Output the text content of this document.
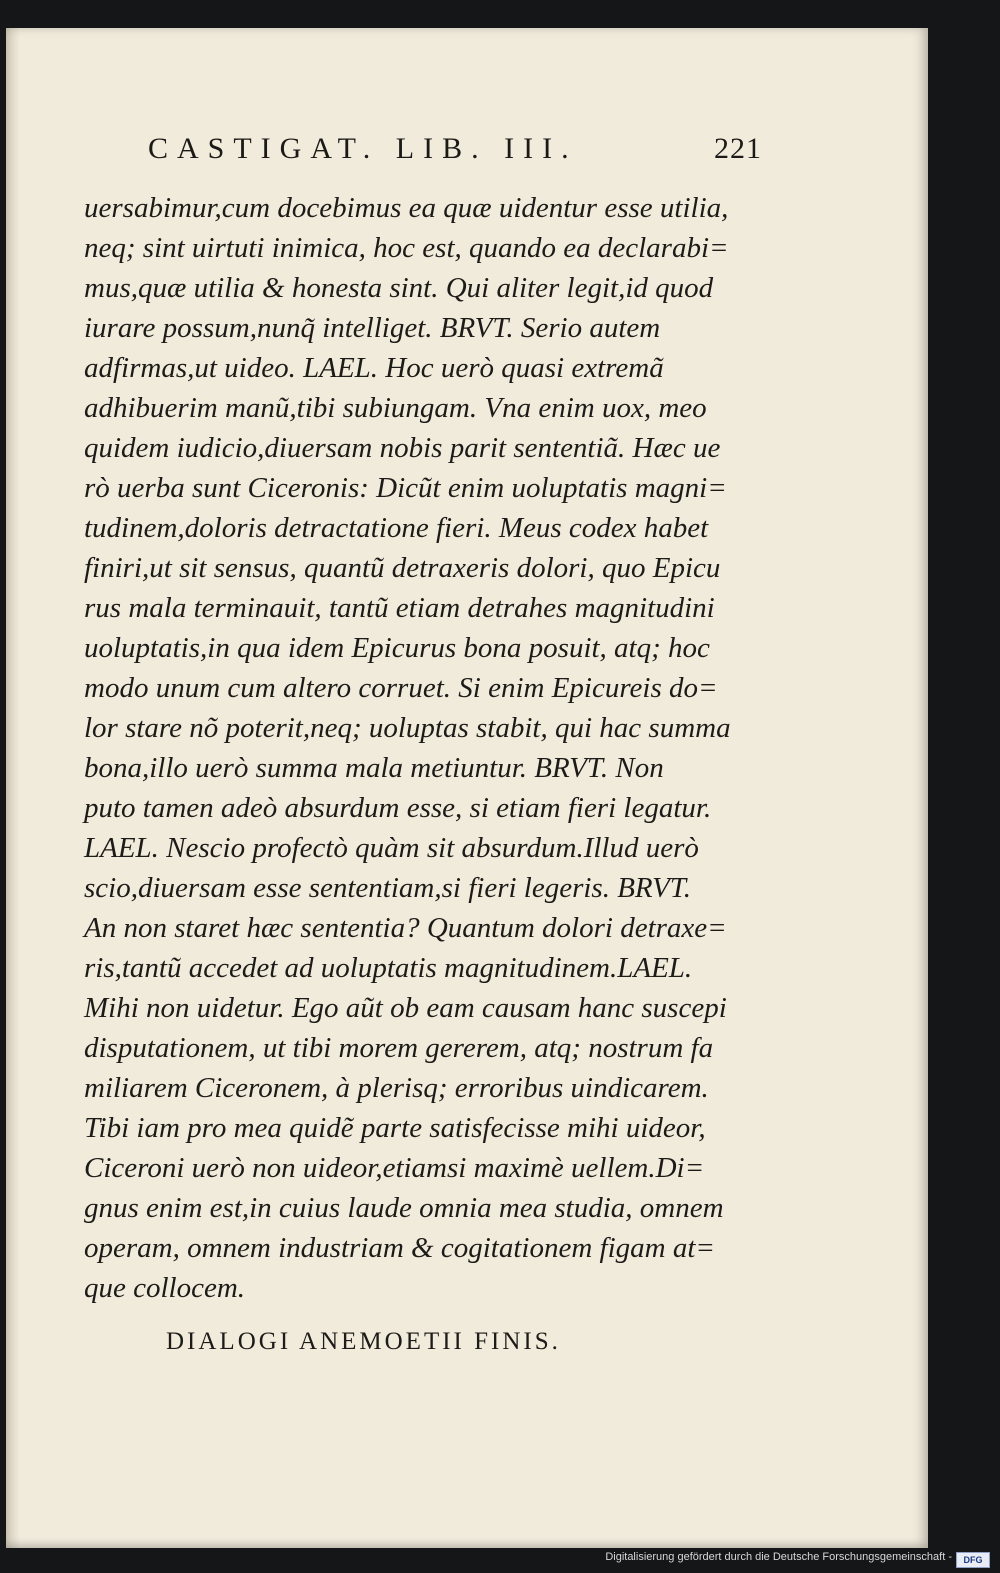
CASTIGAT. LIB. III.	221
uersabimur,cum docebimus ea quæ uidentur esse utilia,
neq; sint uirtuti inimica, hoc est, quando ea declarabi=
mus,quæ utilia & honesta sint. Qui aliter legit,id quod
iurare possum,nunq̃ intelliget. BRVT. Serio autem
adfirmas,ut uideo. LAEL. Hoc uerò quasi extremã
adhibuerim manũ,tibi subiungam. Vna enim uox, meo
quidem iudicio,diuersam nobis parit sententiã. Hæc ue
rò uerba sunt Ciceronis: Dicũt enim uoluptatis magni=
tudinem,doloris detractatione fieri. Meus codex habet
finiri,ut sit sensus, quantũ detraxeris dolori, quo Epicu
rus mala terminauit, tantũ etiam detrahes magnitudini
uoluptatis,in qua idem Epicurus bona posuit, atq; hoc
modo unum cum altero corruet. Si enim Epicureis do=
lor stare nõ poterit,neq; uoluptas stabit, qui hac summa
bona,illo uerò summa mala metiuntur. BRVT. Non
puto tamen adeò absurdum esse, si etiam fieri legatur.
LAEL. Nescio profectò quàm sit absurdum.Illud uerò
scio,diuersam esse sententiam,si fieri legeris. BRVT.
An non staret hæc sententia? Quantum dolori detraxe=
ris,tantũ accedet ad uoluptatis magnitudinem.LAEL.
Mihi non uidetur. Ego aũt ob eam causam hanc suscepi
disputationem, ut tibi morem gererem, atq; nostrum fa
miliarem Ciceronem, à plerisq; erroribus uindicarem.
Tibi iam pro mea quidẽ parte satisfecisse mihi uideor,
Ciceroni uerò non uideor,etiamsi maximè uellem.Di=
gnus enim est,in cuius laude omnia mea studia, omnem
operam, omnem industriam & cogitationem figam at=
que collocem.
DIALOGI ANEMOETII FINIS.
Digitalisierung gefördert durch die Deutsche Forschungsgemeinschaft -	DFG
